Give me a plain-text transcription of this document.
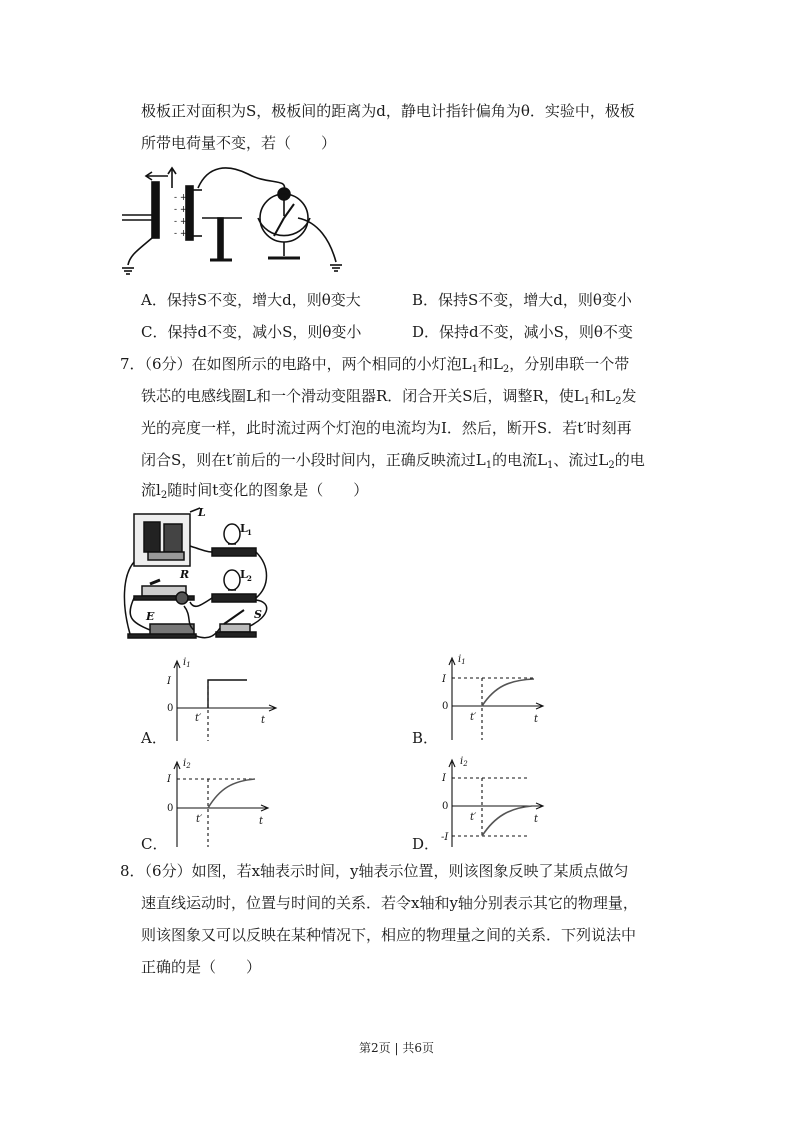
极板正对面积为S，极板间的距离为d，静电计指针偏角为θ．实验中，极板
所带电荷量不变，若（　　）
- +
- +
- +
- +
A．保持S不变，增大d，则θ变大	B．保持S不变，增大d，则θ变小
C．保持d不变，减小S，则θ变小	D．保持d不变，减小S，则θ不变
7．（6分）在如图所示的电路中，两个相同的小灯泡$L_1$和$L_2$，分别串联一个带
铁芯的电感线圈L和一个滑动变阻器R．闭合开关S后，调整R，使$L_1$和$L_2$发
光的亮度一样，此时流过两个灯泡的电流均为I．然后，断开S．若t′时刻再
闭合S，则在t′前后的一小段时间内，正确反映流过$L_1$的电流$L_1$、流过$L_2$的电
流$l_2$随时间t变化的图象是（　　）
L
L 1
L 2
R
E	S
A．
$i_1$
I
0
t′	t
B．
$i_1$
I
0
t′	t
C．
$i_2$
I
0
t′	t
D．
$i_2$
I
0
-I
t′	t
8．（6分）如图，若x轴表示时间，y轴表示位置，则该图象反映了某质点做匀
速直线运动时，位置与时间的关系．若令x轴和y轴分别表示其它的物理量，
则该图象又可以反映在某种情况下，相应的物理量之间的关系．下列说法中
正确的是（　　）
第2页 | 共6页
